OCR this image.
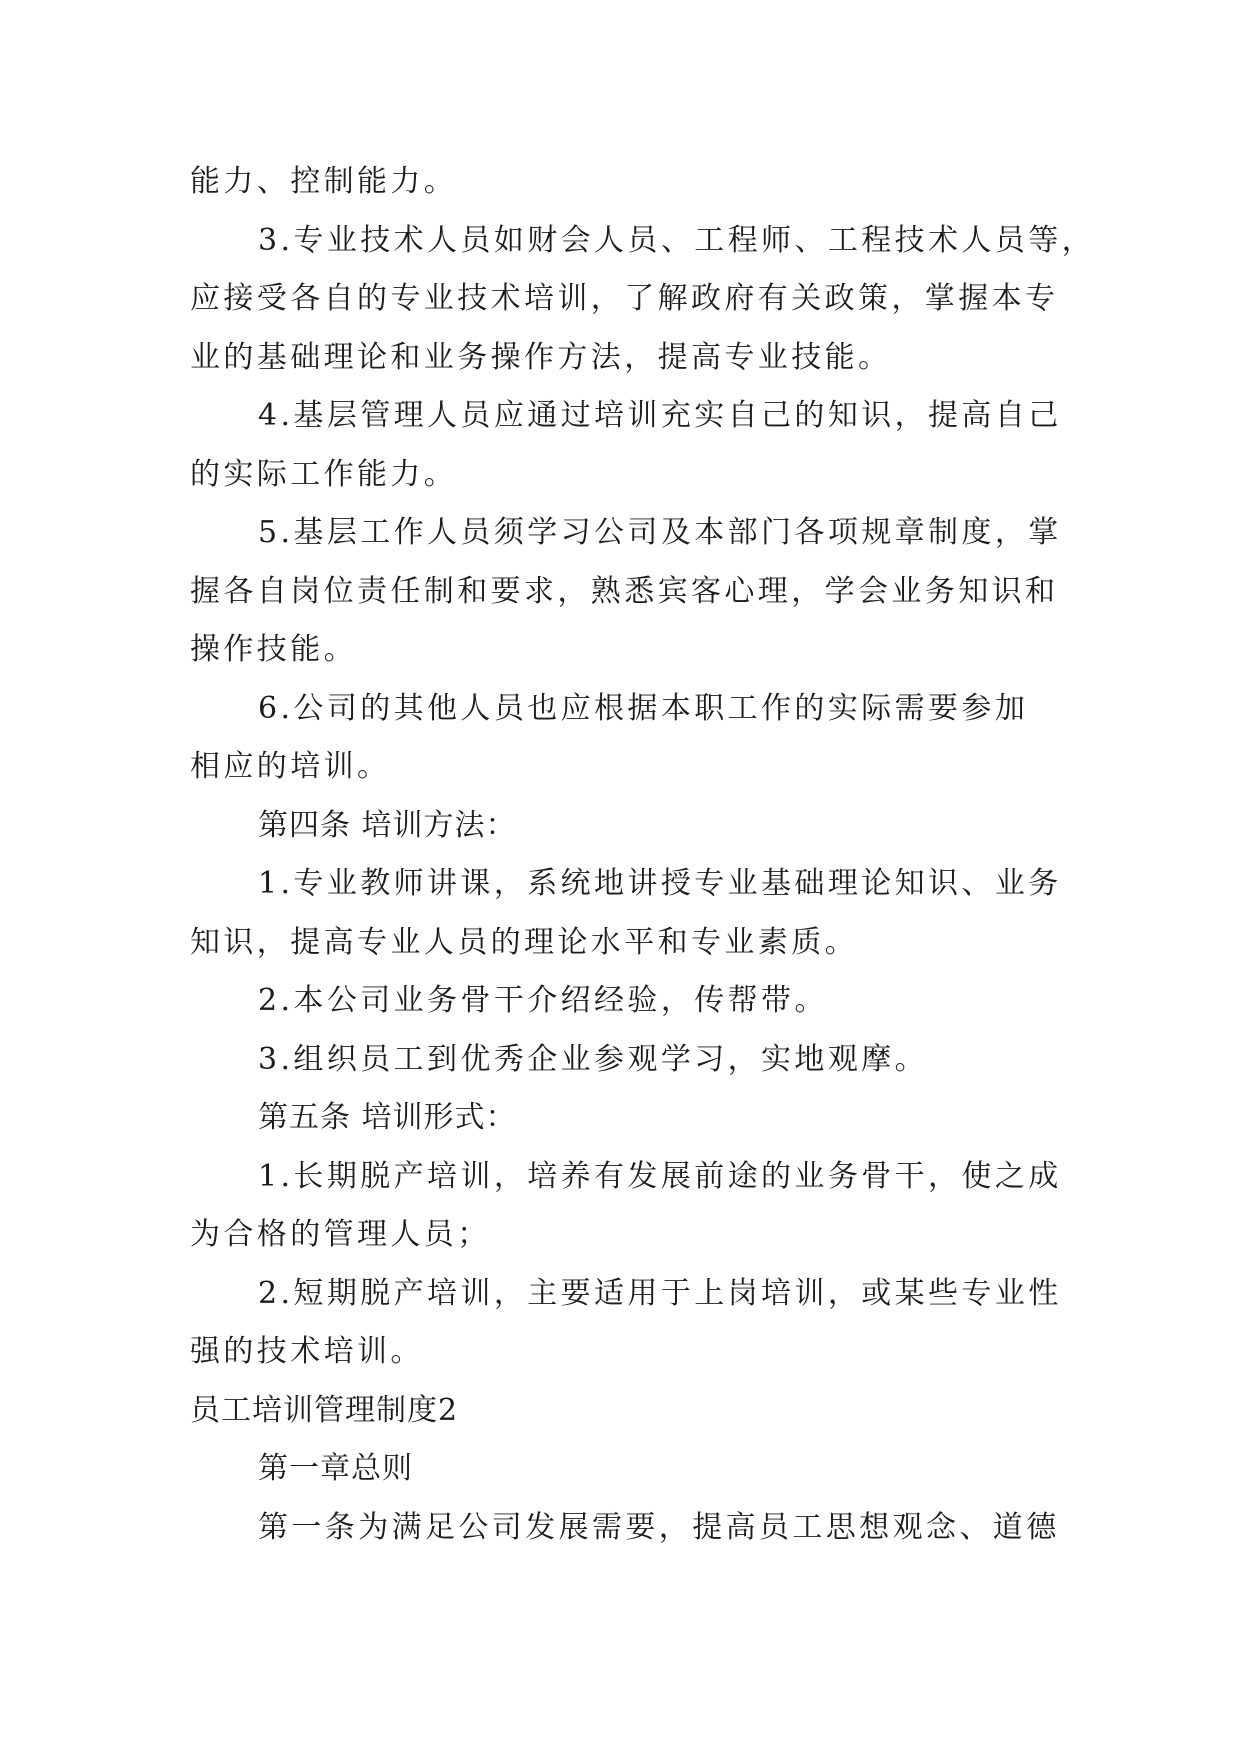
能力、控制能力。
3.专业技术人员如财会人员、工程师、工程技术人员等，
应接受各自的专业技术培训，了解政府有关政策，掌握本专
业的基础理论和业务操作方法，提高专业技能。
4.基层管理人员应通过培训充实自己的知识，提高自己
的实际工作能力。
5.基层工作人员须学习公司及本部门各项规章制度，掌
握各自岗位责任制和要求，熟悉宾客心理，学会业务知识和
操作技能。
6.公司的其他人员也应根据本职工作的实际需要参加
相应的培训。
第四条 培训方法：
1.专业教师讲课，系统地讲授专业基础理论知识、业务
知识，提高专业人员的理论水平和专业素质。
2.本公司业务骨干介绍经验，传帮带。
3.组织员工到优秀企业参观学习，实地观摩。
第五条 培训形式：
1.长期脱产培训，培养有发展前途的业务骨干，使之成
为合格的管理人员；
2.短期脱产培训，主要适用于上岗培训，或某些专业性
强的技术培训。
员工培训管理制度2
第一章总则
第一条为满足公司发展需要，提高员工思想观念、道德
